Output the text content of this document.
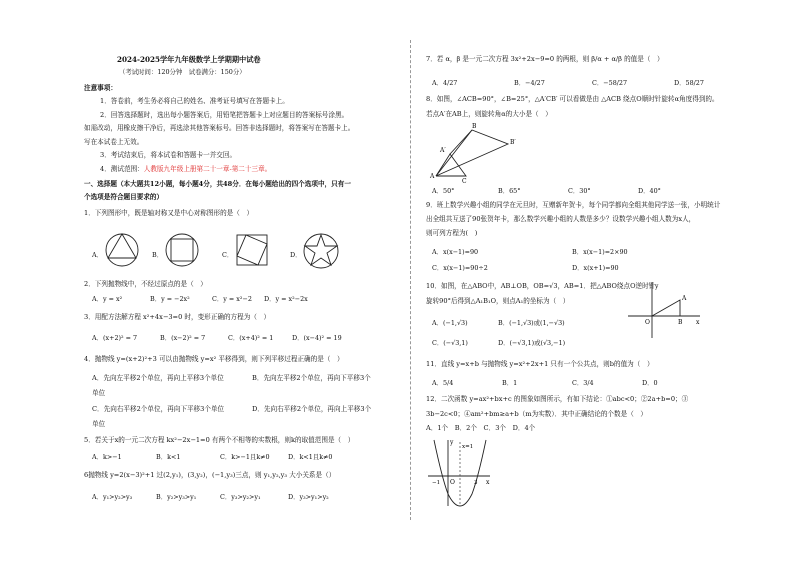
2024-2025学年九年级数学上学期期中试卷
（考试时间：120分钟　试卷满分：150分）
注意事项：
1．答卷前，考生务必将自己的姓名、准考证号填写在答题卡上。
2．回答选择题时，选出每小题答案后，用铅笔把答题卡上对应题目的答案标号涂黑。
如需改动，用橡皮擦干净后，再选涂其他答案标号。回答非选择题时，将答案写在答题卡上。
写在本试卷上无效。
3．考试结束后，将本试卷和答题卡一并交回。
4．测试范围：人教版九年级上册第二十一章-第二十三章。
一、选择题（本大题共12小题，每小题4分，共48分．在每小题给出的四个选项中，只有一
个选项是符合题目要求的）
1．下列图形中，既是轴对称又是中心对称图形的是（　）
A．	B．	C．	D．
2．下列抛物线中，不经过原点的是（　）
A．y = x²	B．y = −2x²	C．y = x²−2 D．y = x²−2x
3．用配方法解方程 x²+4x−3=0 时，变形正确的方程为（　）
A．(x+2)² = 7	B．(x−2)² = 7	C．(x+4)² = 1	D．(x−4)² = 19
4．抛物线 y=(x+2)²+3 可以由抛物线 y=x² 平移得到，则下列平移过程正确的是（　）
A．先向左平移2个单位，再向上平移3个单位	B．先向左平移2个单位，再向下平移3个
单位
C．先向右平移2个单位，再向下平移3个单位	D．先向右平移2个单位，再向上平移3个
单位
5．若关于x的一元二次方程 kx²−2x−1=0 有两个不相等的实数根，则k的取值范围是（　）
A．k>−1	B．k<1	C．k>−1且k≠0	D．k<1且k≠0
6抛物线 y=2(x−3)²+1 过(2,y₁)，(3,y₂)，(−1,y₃)三点，则 y₁,y₂,y₃ 大小关系是（）
A．y₁>y₂>y₃	B．y₂>y₃>y₁	C．y₃>y₂>y₁	D．y₃>y₁>y₂
7．若 α，β 是一元二次方程 3x²+2x−9=0 的两根，则 β/α + α/β 的值是（　）
A．4/27	B．−4/27	C．−58/27	D．58/27
8．如图，∠ACB=90°，∠B=25°，△A′CB′ 可以看做是由 △ACB 绕点O顺时针旋转α角度得到的。
若点A′在AB上，则旋转角α的大小是（　）
B′
A′
A
C
B
A．50°	B．65°	C．30°	D．40°
9．班上数学兴趣小组的同学在元旦时，互赠新年贺卡，每个同学都向全组其他同学送一张，小明统计
出全组共互送了90张贺年卡，那么数学兴趣小组的人数是多少？设数学兴趣小组人数为x人，
则可列方程为(　)
A．x(x−1)=90	B．x(x−1)=2×90
C．x(x−1)=90÷2	D．x(x+1)=90
10．如图，在△ABO中，AB⊥OB，OB=√3，AB=1．把△ABO绕点O逆时针
旋转90°后得到△A₁B₁O，则点A₁的坐标为（　）
y
A
O	B x
A．(−1,√3)	B．(−1,√3)或(1,−√3)
C．(−√3,1)	D．(−√3,1)或(√3,−1)
11．直线 y=x+b 与抛物线 y=x²+2x+1 只有一个公共点，则b的值为（　）
A．5/4	B．1	C．3/4	D．0
12．二次函数 y=ax²+bx+c 的图象如图所示，有如下结论：①abc<0；②2a+b=0；③
3b−2c<0；④am²+bm≥a+b（m为实数）．其中正确结论的个数是（　）
A．1个　B．2个　C．3个　D．4个
y
x=1
x
O
−1	3
